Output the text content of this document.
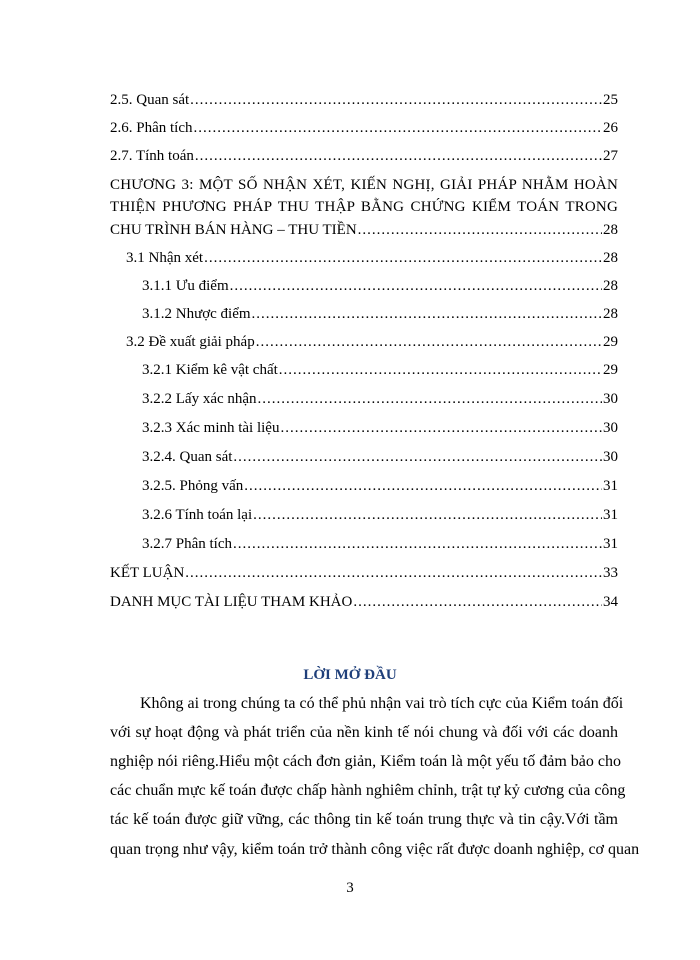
2.5. Quan sát .....	25
2.6. Phân tích .....	26
2.7. Tính toán .....	27
CHƯƠNG 3: MỘT SỐ NHẬN XÉT, KIẾN NGHỊ, GIẢI PHÁP NHẰM HOÀN
THIỆN PHƯƠNG PHÁP THU THẬP BẰNG CHỨNG KIỂM TOÁN TRONG
CHU TRÌNH BÁN HÀNG – THU TIỀN .....	28
3.1 Nhận xét .....	28
3.1.1 Ưu điểm .....	28
3.1.2 Nhược điểm .....	28
3.2 Đề xuất giải pháp .....	29
3.2.1 Kiểm kê vật chất .....	29
3.2.2 Lấy xác nhận .....	30
3.2.3 Xác minh tài liệu .....	30
3.2.4. Quan sát .....	30
3.2.5. Phỏng vấn .....	31
3.2.6 Tính toán lại .....	31
3.2.7 Phân tích .....	31
KẾT LUẬN .....	33
DANH MỤC TÀI LIỆU THAM KHẢO .....	34
LỜI MỞ ĐẦU
Không ai trong chúng ta có thể phủ nhận vai trò tích cực của Kiểm toán đối
với sự hoạt động và phát triển của nền kinh tế nói chung và đối với các doanh
nghiệp nói riêng.Hiểu một cách đơn giản, Kiểm toán là một yếu tố đảm bảo cho
các chuẩn mực kế toán được chấp hành nghiêm chỉnh, trật tự kỷ cương của công
tác kế toán được giữ vững, các thông tin kế toán trung thực và tin cậy.Với tầm
quan trọng như vậy, kiểm toán trở thành công việc rất được doanh nghiệp, cơ quan
3
